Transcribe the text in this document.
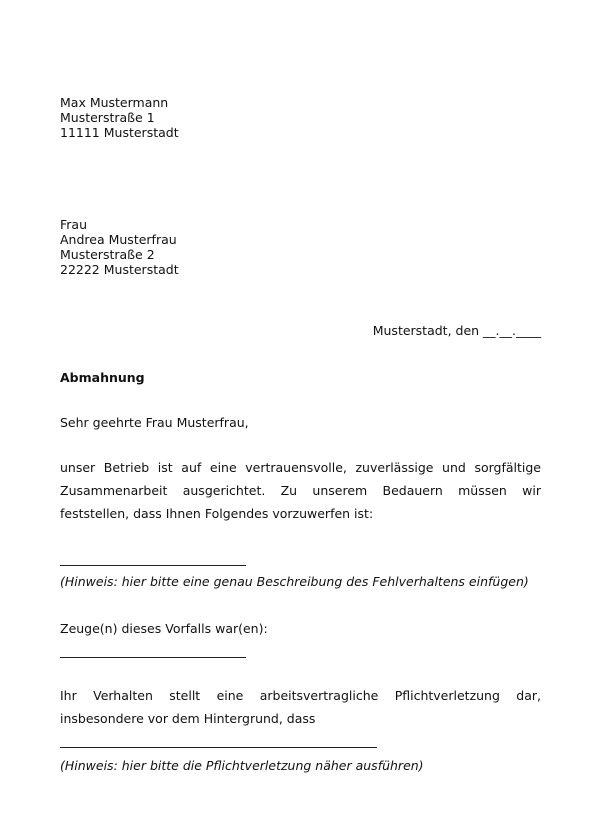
Max Mustermann
Musterstraße 1
11111 Musterstadt
Frau
Andrea Musterfrau
Musterstraße 2
22222 Musterstadt
Musterstadt, den __.__.____
Abmahnung
Sehr geehrte Frau Musterfrau,
unser Betrieb ist auf eine vertrauensvolle, zuverlässige und sorgfältige Zusammenarbeit ausgerichtet. Zu unserem Bedauern müssen wir feststellen, dass Ihnen Folgendes vorzuwerfen ist:
(Hinweis: hier bitte eine genau Beschreibung des Fehlverhaltens einfügen)
Zeuge(n) dieses Vorfalls war(en):
Ihr Verhalten stellt eine arbeitsvertragliche Pflichtverletzung dar, insbesondere vor dem Hintergrund, dass
(Hinweis: hier bitte die Pflichtverletzung näher ausführen)
